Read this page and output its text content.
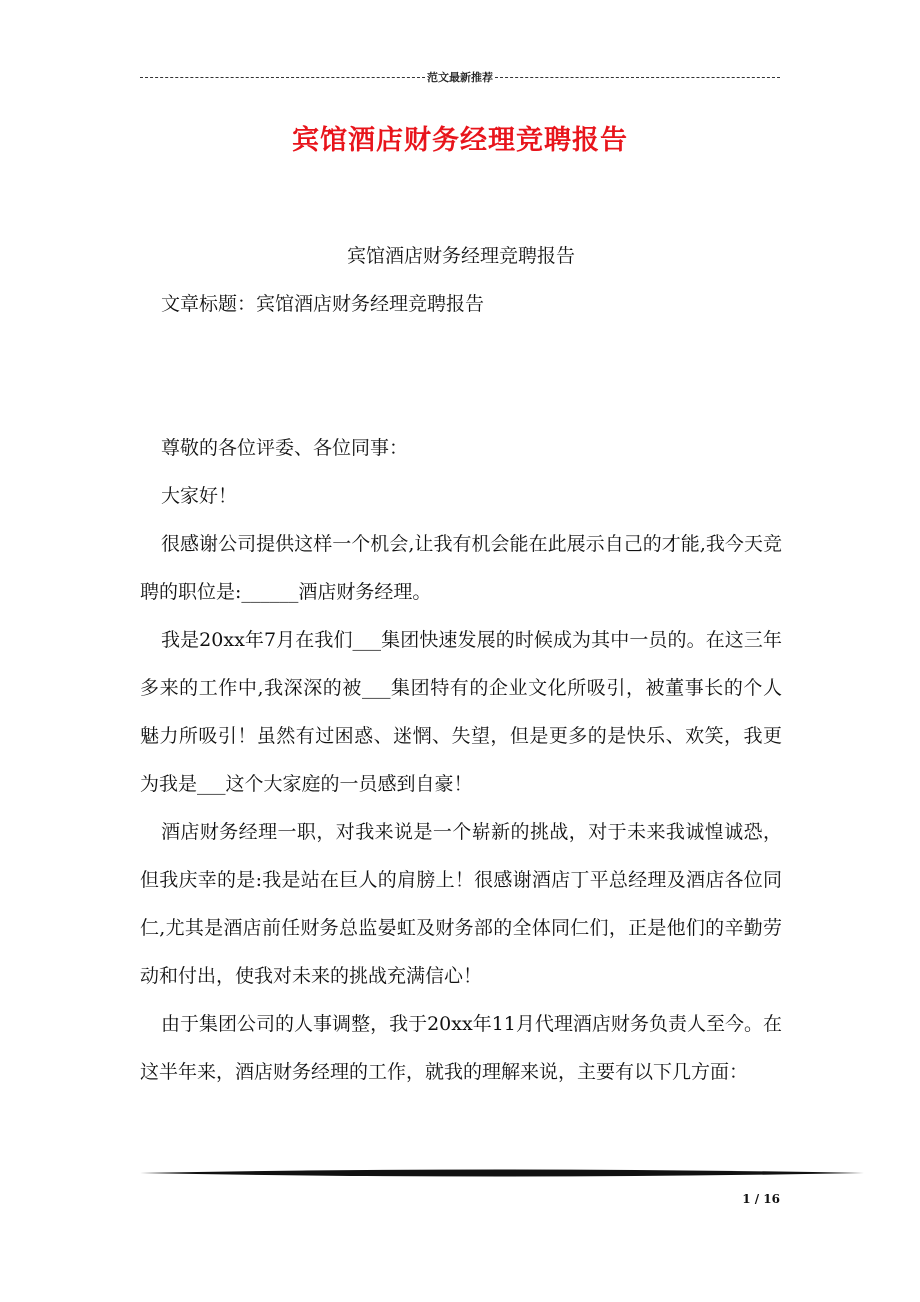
范文最新推荐
宾馆酒店财务经理竞聘报告

宾馆酒店财务经理竞聘报告

文章标题：宾馆酒店财务经理竞聘报告

尊敬的各位评委、各位同事：

大家好！

很感谢公司提供这样一个机会,让我有机会能在此展示自己的才能,我今天竞聘的职位是:______酒店财务经理。

我是20xx年7月在我们___集团快速发展的时候成为其中一员的。在这三年多来的工作中,我深深的被___集团特有的企业文化所吸引，被董事长的个人魅力所吸引！虽然有过困惑、迷惘、失望，但是更多的是快乐、欢笑，我更为我是___这个大家庭的一员感到自豪！

酒店财务经理一职，对我来说是一个崭新的挑战，对于未来我诚惶诚恐，但我庆幸的是:我是站在巨人的肩膀上！很感谢酒店丁平总经理及酒店各位同仁,尤其是酒店前任财务总监晏虹及财务部的全体同仁们，正是他们的辛勤劳动和付出，使我对未来的挑战充满信心！

由于集团公司的人事调整，我于20xx年11月代理酒店财务负责人至今。在这半年来，酒店财务经理的工作，就我的理解来说，主要有以下几方面：

1 / 16
